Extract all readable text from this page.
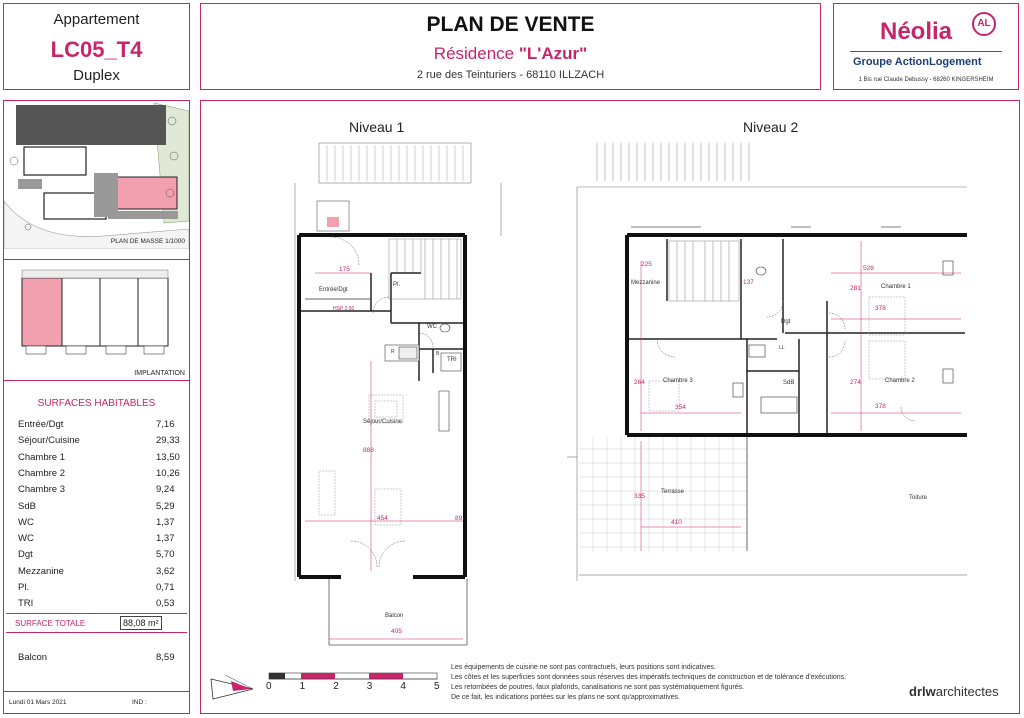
Appartement
LC05_T4
Duplex
PLAN DE VENTE
Résidence "L'Azur"
2 rue des Teinturiers - 68110 ILLZACH
Néolia	AL
Groupe ActionLogement
1 Bis rue Claude Debussy - 68260 KINGERSHEIM
PLAN DE MASSE 1/1000
IMPLANTATION
SURFACES HABITABLES
Entrée/Dgt	7,16
Séjour/Cuisine	29,33
Chambre 1	13,50
Chambre 2	10,26
Chambre 3	9,24
SdB	5,29
WC	1,37
WC	1,37
Dgt	5,70
Mezzanine	3,62
Pl.	0,71
TRI	0,53
SURFACE TOTALE	88,08 m²
Balcon	8,59
Lundi 01 Mars 2021	IND :
Niveau 1	Niveau 2
Entrée/Dgt
Pl.
WC
TRI
Séjour/Cuisine
Balcon
R	B
175
HSP 2.50
888
454	89
405
Mezzanine
Dgt
Chambre 1
Chambre 2
Chambre 3	SdB
LL
Terrasse
Toiture
528
378
378
281
274
264
354
410
225
137
335
0	1	2	3	4	5
Les équipements de cuisine ne sont pas contractuels, leurs positions sont indicatives.
Les côtes et les superficies sont données sous réserves des impératifs techniques de construction et de tolérance d'exécutions.
Les retombées de poutres, faux plafonds, canalisations ne sont pas systématiquement figurés.
De ce fait, les indications portées sur les plans ne sont qu'approximatives.	drlwarchitectes
